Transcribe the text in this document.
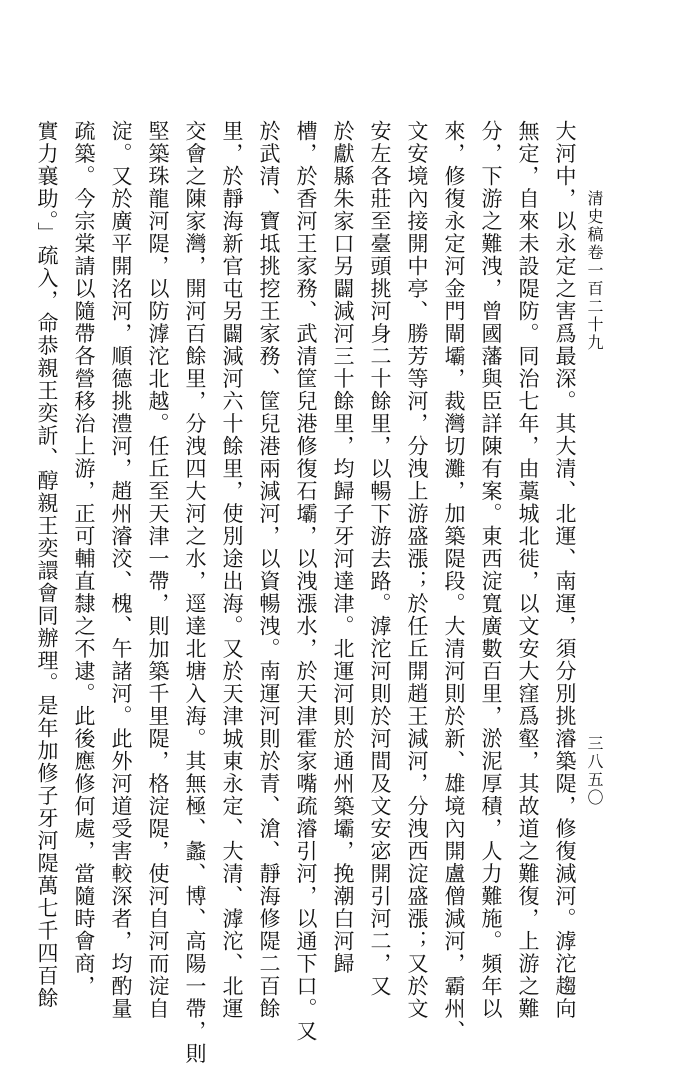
清史稿卷一百二十九
三八五〇
大河中，以永定之害爲最深。其大清、北運、南運，須分別挑濬築隄，修復減河。滹沱趨向
無定，自來未設隄防。同治七年，由藁城北徙，以文安大窪爲壑，其故道之難復，上游之難
分，下游之難洩，曾國藩與臣詳陳有案。東西淀寬廣數百里，淤泥厚積，人力難施。頻年以
來，修復永定河金門閘壩，裁灣切灘，加築隄段。大清河則於新、雄境內開盧僧減河，霸州、
文安境內接開中亭、勝芳等河，分洩上游盛漲；於任丘開趙王減河，分洩西淀盛漲；又於文
安左各莊至臺頭挑河身二十餘里，以暢下游去路。滹沱河則於河間及文安宓開引河二，又
於獻縣朱家口另闢減河三十餘里，均歸子牙河達津。北運河則於通州築壩，挽潮白河歸
槽，於香河王家務、武清筐兒港修復石壩，以洩漲水，於天津霍家嘴疏濬引河，以通下口。又
於武清、寶坻挑挖王家務、筐兒港兩減河，以資暢洩。南運河則於青、滄、靜海修隄二百餘
里，於靜海新官屯另闢減河六十餘里，使別途出海。又於天津城東永定、大清、滹沱、北運
交會之陳家灣，開河百餘里，分洩四大河之水，逕達北塘入海。其無極、蠡、博、高陽一帶，則
堅築珠龍河隄，以防滹沱北越。任丘至天津一帶，則加築千里隄，格淀隄，使河自河而淀自
淀。又於廣平開洺河，順德挑澧河，趙州濬洨、槐、午諸河。此外河道受害較深者，均酌量
疏築。今宗棠請以隨帶各營移治上游，正可輔直隸之不逮。此後應修何處，當隨時會商，
實力襄助。」疏入，命恭親王奕訢、醇親王奕譞會同辦理。是年加修子牙河隄萬七千四百餘
